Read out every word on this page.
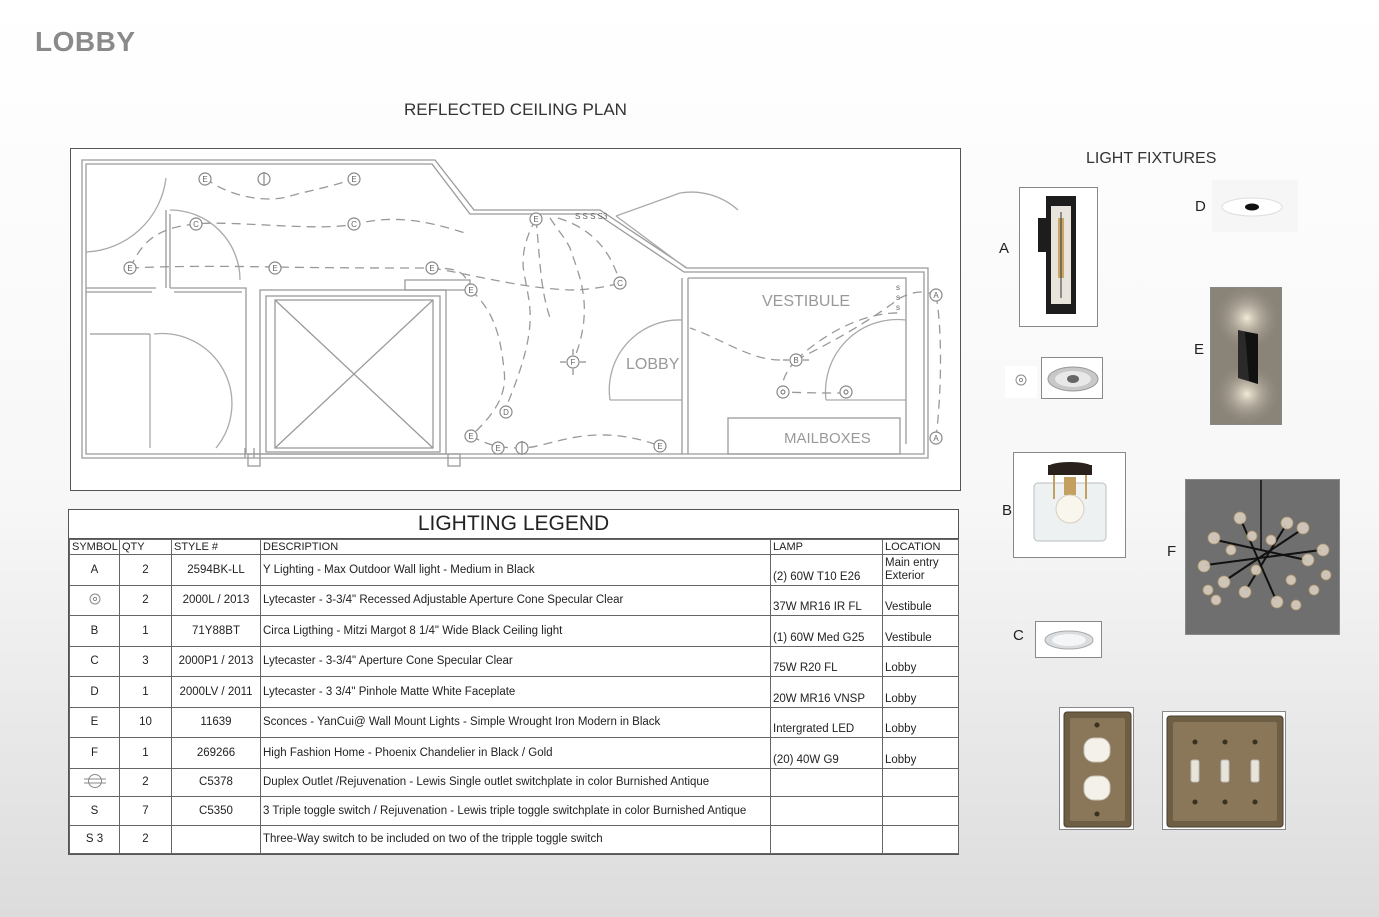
LOBBY
REFLECTED CEILING PLAN
LIGHT FIXTURES
E	E
C	C
E	E	E
E
E
C
F
D
E
E	E
B
A
A
S S S S3
s
s
s
VESTIBULE
LOBBY
MAILBOXES
LIGHTING LEGEND
SYMBOL	QTY	STYLE #	DESCRIPTION	LAMP	LOCATION
A	2	2594BK-LL	Y Lighting - Max Outdoor Wall light - Medium in Black	(2) 60W T10 E26	Main entry
Exterior

	2	2000L / 2013	Lytecaster - 3-3/4" Recessed Adjustable Aperture Cone Specular Clear	37W MR16 IR FL	Vestibule
B	1	71Y88BT	Circa Ligthing - Mitzi Margot 8 1/4" Wide Black Ceiling light	(1) 60W Med G25	Vestibule
C	3	2000P1 / 2013	Lytecaster - 3-3/4" Aperture Cone Specular Clear	75W R20 FL	Lobby
D	1	2000LV / 2011	Lytecaster - 3 3/4" Pinhole Matte White Faceplate	20W MR16 VNSP	Lobby
E	10	11639	Sconces - YanCui@ Wall Mount Lights - Simple Wrought Iron Modern in Black	Intergrated LED	Lobby
F	1	269266	High Fashion Home - Phoenix Chandelier in Black / Gold	(20) 40W G9	Lobby
	2	C5378	Duplex Outlet /Rejuvenation - Lewis Single outlet switchplate in color Burnished Antique		
S	7	C5350	3 Triple toggle switch / Rejuvenation - Lewis triple toggle switchplate in color Burnished Antique		
S 3	2		Three-Way switch to be included on two of the tripple toggle switch		
A
D
E
B
F
C
